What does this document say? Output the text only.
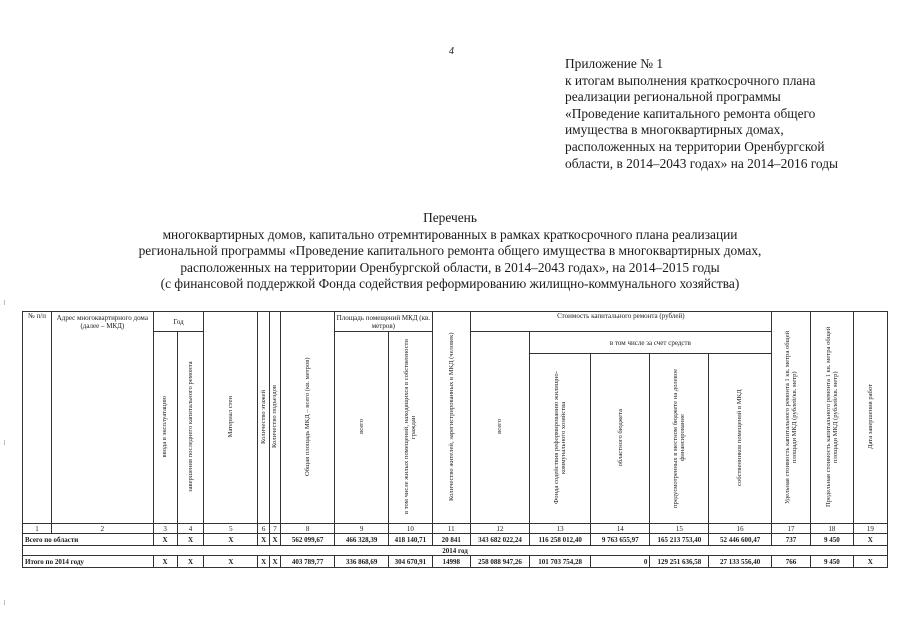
4
Приложение № 1
к итогам выполнения краткосрочного плана
реализации региональной программы
«Проведение капитального ремонта общего
имущества в многоквартирных домах,
расположенных на территории Оренбургской
области, в 2014–2043 годах» на 2014–2016 годы
Перечень
многоквартирных домов, капитально отремнтированных в рамках краткосрочного плана реализации
региональной программы «Проведение капитального ремонта общего имущества в многоквартирных домах,
расположенных на территории Оренбургской области, в 2014–2043 годах», на 2014–2015 годы
(с финансовой поддержкой Фонда содействия реформированию жилищно-коммунального хозяйства)
№ п/п	Адрес многоквартирного дома (далее – МКД)	Год		Материал стен	Количество этажей	Количество подъездов	Общая площадь МКД – всего (кв. метров)	Площадь помещений МКД (кв. метров)		Количество жителей, зарегистрированных в МКД (человек)	Стоимость капитального ремонта (рублей)					Удельная стоимость капитального ремонта 1 кв. метра общей площади МКД (рублей/кв. метр)	Предельная стоимость капитального ремонта 1 кв. метра общей площади МКД (рублей/кв. метр)	Дата завершения работ
		ввода в эксплуатацию	завершения последнего капитального ремонта					всего	в том числе жилых помещений, находящихся в собственности граждан		всего	в том числе за счет средств						
												Фонда содействия реформированию жилищно-коммунального хозяйства	областного бюджета	предусмотренных в местном бюджете на долевое финансирование	собственников помещений в МКД			
1	2	3	4	5	6	7	8	9	10	11	12	13	14	15	16	17	18	19
Всего по области		X	X	X	X	X	562 099,67	466 328,39	418 140,71	20 841	343 682 022,24	116 258 012,40	9 763 655,97	165 213 753,40	52 446 600,47	737	9 450	X
2014 год																		
Итого по 2014 году		X	X	X	X	X	403 789,77	336 868,69	304 670,91	14998	258 088 947,26	101 703 754,28	0	129 251 636,58	27 133 556,40	766	9 450	X
